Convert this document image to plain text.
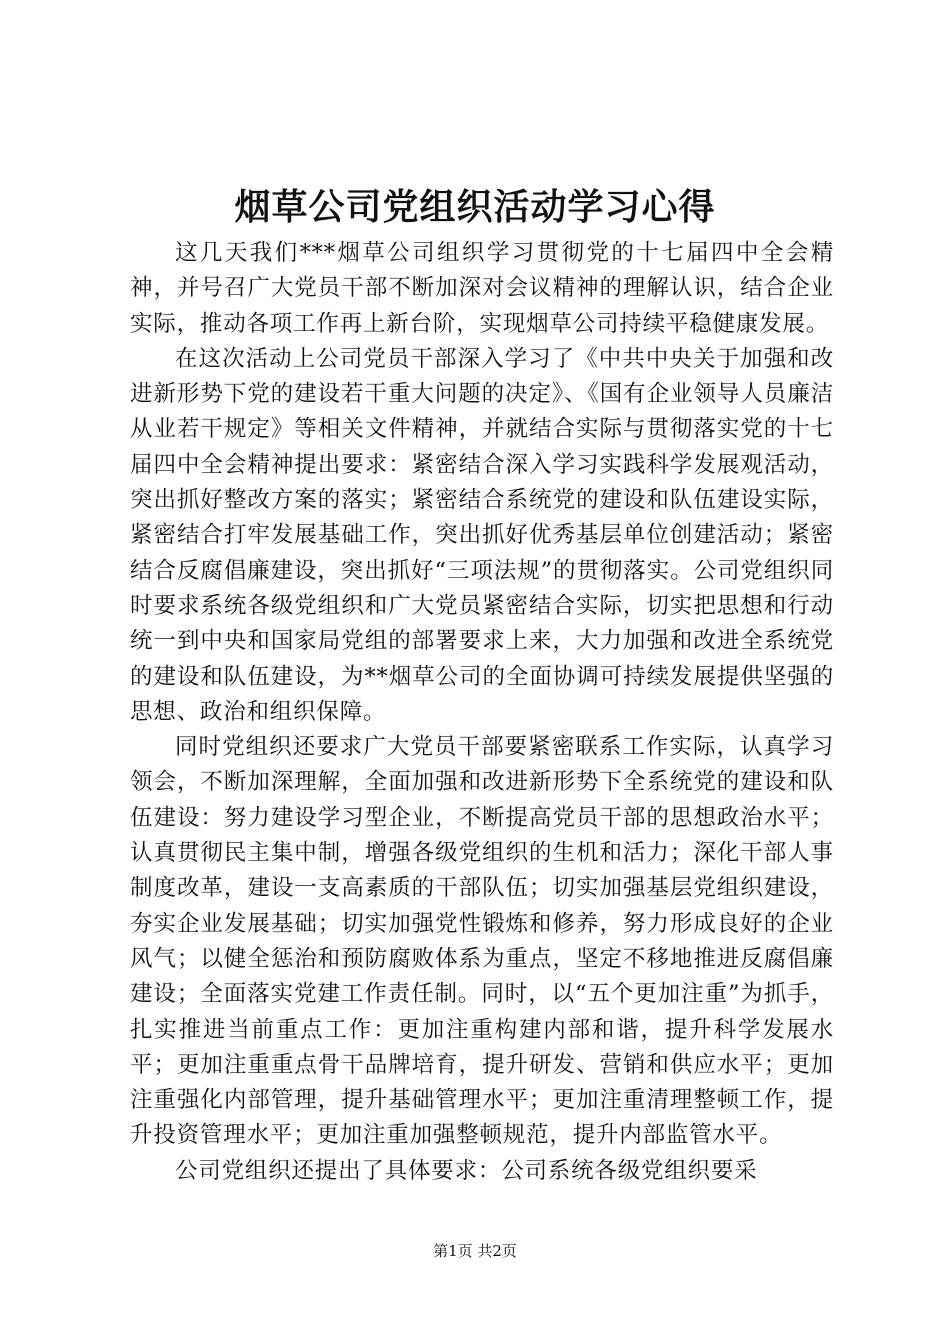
烟草公司党组织活动学习心得

这几天我们***烟草公司组织学习贯彻党的十七届四中全会精神，并号召广大党员干部不断加深对会议精神的理解认识，结合企业实际，推动各项工作再上新台阶，实现烟草公司持续平稳健康发展。

在这次活动上公司党员干部深入学习了《中共中央关于加强和改进新形势下党的建设若干重大问题的决定》、《国有企业领导人员廉洁从业若干规定》等相关文件精神，并就结合实际与贯彻落实党的十七届四中全会精神提出要求：紧密结合深入学习实践科学发展观活动，突出抓好整改方案的落实；紧密结合系统党的建设和队伍建设实际，紧密结合打牢发展基础工作，突出抓好优秀基层单位创建活动；紧密结合反腐倡廉建设，突出抓好“三项法规”的贯彻落实。公司党组织同时要求系统各级党组织和广大党员紧密结合实际，切实把思想和行动统一到中央和国家局党组的部署要求上来，大力加强和改进全系统党的建设和队伍建设，为**烟草公司的全面协调可持续发展提供坚强的思想、政治和组织保障。

同时党组织还要求广大党员干部要紧密联系工作实际，认真学习领会，不断加深理解，全面加强和改进新形势下全系统党的建设和队伍建设：努力建设学习型企业，不断提高党员干部的思想政治水平；认真贯彻民主集中制，增强各级党组织的生机和活力；深化干部人事制度改革，建设一支高素质的干部队伍；切实加强基层党组织建设，夯实企业发展基础；切实加强党性锻炼和修养，努力形成良好的企业风气；以健全惩治和预防腐败体系为重点，坚定不移地推进反腐倡廉建设；全面落实党建工作责任制。同时，以“五个更加注重”为抓手，扎实推进当前重点工作：更加注重构建内部和谐，提升科学发展水平；更加注重重点骨干品牌培育，提升研发、营销和供应水平；更加注重强化内部管理，提升基础管理水平；更加注重清理整顿工作，提升投资管理水平；更加注重加强整顿规范，提升内部监管水平。

公司党组织还提出了具体要求：公司系统各级党组织要采

第1页 共2页
